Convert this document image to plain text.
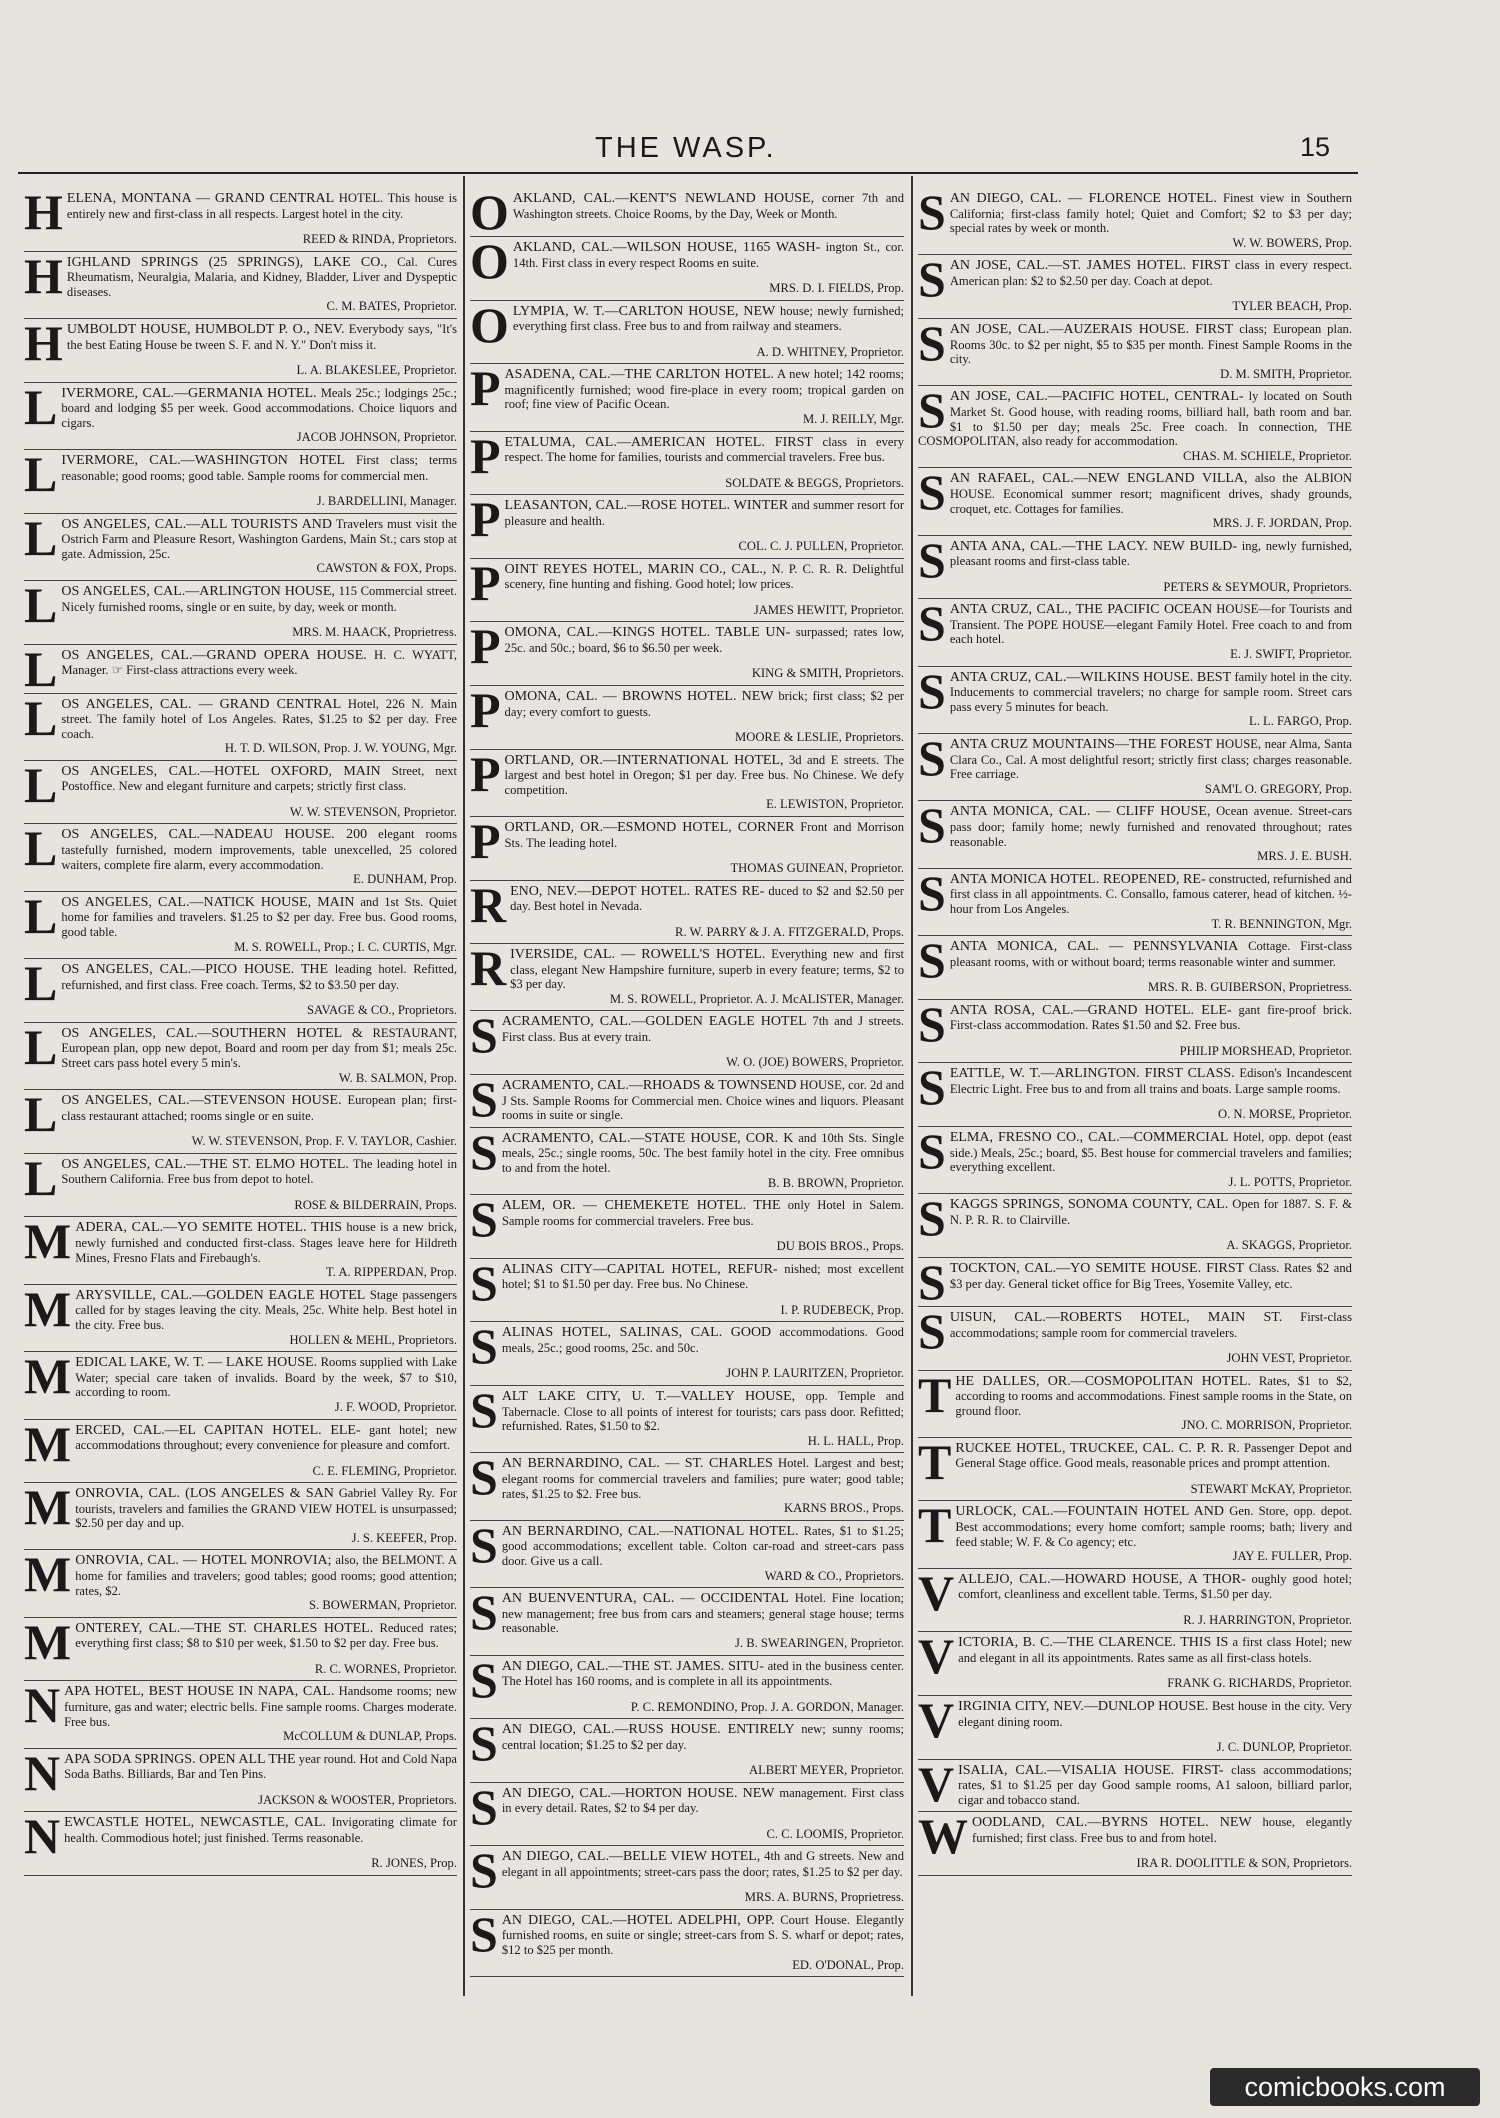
THE WASP.	15
HELENA, MONTANA — GRAND CENTRAL HOTEL. This house is entirely new and first-class in all respects. Largest hotel in the city.
REED & RINDA, Proprietors.
HIGHLAND SPRINGS (25 SPRINGS), LAKE CO., Cal. Cures Rheumatism, Neuralgia, Malaria, and Kidney, Bladder, Liver and Dyspeptic diseases.
C. M. BATES, Proprietor.
HUMBOLDT HOUSE, HUMBOLDT P. O., NEV. Everybody says, "It's the best Eating House be tween S. F. and N. Y." Don't miss it.
L. A. BLAKESLEE, Proprietor.
LIVERMORE, CAL.—GERMANIA HOTEL. Meals 25c.; lodgings 25c.; board and lodging $5 per week. Good accommodations. Choice liquors and cigars.
JACOB JOHNSON, Proprietor.
LIVERMORE, CAL.—WASHINGTON HOTEL First class; terms reasonable; good rooms; good table. Sample rooms for commercial men.
J. BARDELLINI, Manager.
LOS ANGELES, CAL.—ALL TOURISTS AND Travelers must visit the Ostrich Farm and Pleasure Resort, Washington Gardens, Main St.; cars stop at gate. Admission, 25c.
CAWSTON & FOX, Props.
LOS ANGELES, CAL.—ARLINGTON HOUSE, 115 Commercial street. Nicely furnished rooms, single or en suite, by day, week or month.
MRS. M. HAACK, Proprietress.
LOS ANGELES, CAL.—GRAND OPERA HOUSE. H. C. WYATT, Manager. ☞ First-class attractions every week.
LOS ANGELES, CAL. — GRAND CENTRAL Hotel, 226 N. Main street. The family hotel of Los Angeles. Rates, $1.25 to $2 per day. Free coach.
H. T. D. WILSON, Prop. J. W. YOUNG, Mgr.
LOS ANGELES, CAL.—HOTEL OXFORD, MAIN Street, next Postoffice. New and elegant furniture and carpets; strictly first class.
W. W. STEVENSON, Proprietor.
LOS ANGELES, CAL.—NADEAU HOUSE. 200 elegant rooms tastefully furnished, modern improvements, table unexcelled, 25 colored waiters, complete fire alarm, every accommodation.
E. DUNHAM, Prop.
LOS ANGELES, CAL.—NATICK HOUSE, MAIN and 1st Sts. Quiet home for families and travelers. $1.25 to $2 per day. Free bus. Good rooms, good table.
M. S. ROWELL, Prop.; I. C. CURTIS, Mgr.
LOS ANGELES, CAL.—PICO HOUSE. THE leading hotel. Refitted, refurnished, and first class. Free coach. Terms, $2 to $3.50 per day.
SAVAGE & CO., Proprietors.
LOS ANGELES, CAL.—SOUTHERN HOTEL & RESTAURANT, European plan, opp new depot, Board and room per day from $1; meals 25c. Street cars pass hotel every 5 min's.
W. B. SALMON, Prop.
LOS ANGELES, CAL.—STEVENSON HOUSE. European plan; first-class restaurant attached; rooms single or en suite.
W. W. STEVENSON, Prop. F. V. TAYLOR, Cashier.
LOS ANGELES, CAL.—THE ST. ELMO HOTEL. The leading hotel in Southern California. Free bus from depot to hotel.
ROSE & BILDERRAIN, Props.
MADERA, CAL.—YO SEMITE HOTEL. THIS house is a new brick, newly furnished and conducted first-class. Stages leave here for Hildreth Mines, Fresno Flats and Firebaugh's.
T. A. RIPPERDAN, Prop.
MARYSVILLE, CAL.—GOLDEN EAGLE HOTEL Stage passengers called for by stages leaving the city. Meals, 25c. White help. Best hotel in the city. Free bus.
HOLLEN & MEHL, Proprietors.
MEDICAL LAKE, W. T. — LAKE HOUSE. Rooms supplied with Lake Water; special care taken of invalids. Board by the week, $7 to $10, according to room.
J. F. WOOD, Proprietor.
MERCED, CAL.—EL CAPITAN HOTEL. ELE- gant hotel; new accommodations throughout; every convenience for pleasure and comfort.
C. E. FLEMING, Proprietor.
MONROVIA, CAL. (LOS ANGELES & SAN Gabriel Valley Ry. For tourists, travelers and families the GRAND VIEW HOTEL is unsurpassed; $2.50 per day and up.
J. S. KEEFER, Prop.
MONROVIA, CAL. — HOTEL MONROVIA; also, the BELMONT. A home for families and travelers; good tables; good rooms; good attention; rates, $2.
S. BOWERMAN, Proprietor.
MONTEREY, CAL.—THE ST. CHARLES HOTEL. Reduced rates; everything first class; $8 to $10 per week, $1.50 to $2 per day. Free bus.
R. C. WORNES, Proprietor.
NAPA HOTEL, BEST HOUSE IN NAPA, CAL. Handsome rooms; new furniture, gas and water; electric bells. Fine sample rooms. Charges moderate. Free bus.
McCOLLUM & DUNLAP, Props.
NAPA SODA SPRINGS. OPEN ALL THE year round. Hot and Cold Napa Soda Baths. Billiards, Bar and Ten Pins.
JACKSON & WOOSTER, Proprietors.
NEWCASTLE HOTEL, NEWCASTLE, CAL. Invigorating climate for health. Commodious hotel; just finished. Terms reasonable.
R. JONES, Prop.
OAKLAND, CAL.—KENT'S NEWLAND HOUSE, corner 7th and Washington streets. Choice Rooms, by the Day, Week or Month.
OAKLAND, CAL.—WILSON HOUSE, 1165 WASH- ington St., cor. 14th. First class in every respect Rooms en suite.
MRS. D. I. FIELDS, Prop.
OLYMPIA, W. T.—CARLTON HOUSE, NEW house; newly furnished; everything first class. Free bus to and from railway and steamers.
A. D. WHITNEY, Proprietor.
PASADENA, CAL.—THE CARLTON HOTEL. A new hotel; 142 rooms; magnificently furnished; wood fire-place in every room; tropical garden on roof; fine view of Pacific Ocean.
M. J. REILLY, Mgr.
PETALUMA, CAL.—AMERICAN HOTEL. FIRST class in every respect. The home for families, tourists and commercial travelers. Free bus.
SOLDATE & BEGGS, Proprietors.
PLEASANTON, CAL.—ROSE HOTEL. WINTER and summer resort for pleasure and health.
COL. C. J. PULLEN, Proprietor.
POINT REYES HOTEL, MARIN CO., CAL., N. P. C. R. R. Delightful scenery, fine hunting and fishing. Good hotel; low prices.
JAMES HEWITT, Proprietor.
POMONA, CAL.—KINGS HOTEL. TABLE UN- surpassed; rates low, 25c. and 50c.; board, $6 to $6.50 per week.
KING & SMITH, Proprietors.
POMONA, CAL. — BROWNS HOTEL. NEW brick; first class; $2 per day; every comfort to guests.
MOORE & LESLIE, Proprietors.
PORTLAND, OR.—INTERNATIONAL HOTEL, 3d and E streets. The largest and best hotel in Oregon; $1 per day. Free bus. No Chinese. We defy competition.
E. LEWISTON, Proprietor.
PORTLAND, OR.—ESMOND HOTEL, CORNER Front and Morrison Sts. The leading hotel.
THOMAS GUINEAN, Proprietor.
RENO, NEV.—DEPOT HOTEL. RATES RE- duced to $2 and $2.50 per day. Best hotel in Nevada.
R. W. PARRY & J. A. FITZGERALD, Props.
RIVERSIDE, CAL. — ROWELL'S HOTEL. Everything new and first class, elegant New Hampshire furniture, superb in every feature; terms, $2 to $3 per day.
M. S. ROWELL, Proprietor. A. J. McALISTER, Manager.
SACRAMENTO, CAL.—GOLDEN EAGLE HOTEL 7th and J streets. First class. Bus at every train.
W. O. (JOE) BOWERS, Proprietor.
SACRAMENTO, CAL.—RHOADS & TOWNSEND HOUSE, cor. 2d and J Sts. Sample Rooms for Commercial men. Choice wines and liquors. Pleasant rooms in suite or single.
SACRAMENTO, CAL.—STATE HOUSE, COR. K and 10th Sts. Single meals, 25c.; single rooms, 50c. The best family hotel in the city. Free omnibus to and from the hotel.
B. B. BROWN, Proprietor.
SALEM, OR. — CHEMEKETE HOTEL. THE only Hotel in Salem. Sample rooms for commercial travelers. Free bus.
DU BOIS BROS., Props.
SALINAS CITY—CAPITAL HOTEL, REFUR- nished; most excellent hotel; $1 to $1.50 per day. Free bus. No Chinese.
I. P. RUDEBECK, Prop.
SALINAS HOTEL, SALINAS, CAL. GOOD accommodations. Good meals, 25c.; good rooms, 25c. and 50c.
JOHN P. LAURITZEN, Proprietor.
SALT LAKE CITY, U. T.—VALLEY HOUSE, opp. Temple and Tabernacle. Close to all points of interest for tourists; cars pass door. Refitted; refurnished. Rates, $1.50 to $2.
H. L. HALL, Prop.
SAN BERNARDINO, CAL. — ST. CHARLES Hotel. Largest and best; elegant rooms for commercial travelers and families; pure water; good table; rates, $1.25 to $2. Free bus.
KARNS BROS., Props.
SAN BERNARDINO, CAL.—NATIONAL HOTEL. Rates, $1 to $1.25; good accommodations; excellent table. Colton car-road and street-cars pass door. Give us a call.
WARD & CO., Proprietors.
SAN BUENVENTURA, CAL. — OCCIDENTAL Hotel. Fine location; new management; free bus from cars and steamers; general stage house; terms reasonable.
J. B. SWEARINGEN, Proprietor.
SAN DIEGO, CAL.—THE ST. JAMES. SITU- ated in the business center. The Hotel has 160 rooms, and is complete in all its appointments.
P. C. REMONDINO, Prop. J. A. GORDON, Manager.
SAN DIEGO, CAL.—RUSS HOUSE. ENTIRELY new; sunny rooms; central location; $1.25 to $2 per day.
ALBERT MEYER, Proprietor.
SAN DIEGO, CAL.—HORTON HOUSE. NEW management. First class in every detail. Rates, $2 to $4 per day.
C. C. LOOMIS, Proprietor.
SAN DIEGO, CAL.—BELLE VIEW HOTEL, 4th and G streets. New and elegant in all appointments; street-cars pass the door; rates, $1.25 to $2 per day.
MRS. A. BURNS, Proprietress.
SAN DIEGO, CAL.—HOTEL ADELPHI, OPP. Court House. Elegantly furnished rooms, en suite or single; street-cars from S. S. wharf or depot; rates, $12 to $25 per month.
ED. O'DONAL, Prop.
SAN DIEGO, CAL. — FLORENCE HOTEL. Finest view in Southern California; first-class family hotel; Quiet and Comfort; $2 to $3 per day; special rates by week or month.
W. W. BOWERS, Prop.
SAN JOSE, CAL.—ST. JAMES HOTEL. FIRST class in every respect. American plan: $2 to $2.50 per day. Coach at depot.
TYLER BEACH, Prop.
SAN JOSE, CAL.—AUZERAIS HOUSE. FIRST class; European plan. Rooms 30c. to $2 per night, $5 to $35 per month. Finest Sample Rooms in the city.
D. M. SMITH, Proprietor.
SAN JOSE, CAL.—PACIFIC HOTEL, CENTRAL- ly located on South Market St. Good house, with reading rooms, billiard hall, bath room and bar. $1 to $1.50 per day; meals 25c. Free coach. In connection, THE COSMOPOLITAN, also ready for accommodation.
CHAS. M. SCHIELE, Proprietor.
SAN RAFAEL, CAL.—NEW ENGLAND VILLA, also the ALBION HOUSE. Economical summer resort; magnificent drives, shady grounds, croquet, etc. Cottages for families.
MRS. J. F. JORDAN, Prop.
SANTA ANA, CAL.—THE LACY. NEW BUILD- ing, newly furnished, pleasant rooms and first-class table.
PETERS & SEYMOUR, Proprietors.
SANTA CRUZ, CAL., THE PACIFIC OCEAN HOUSE—for Tourists and Transient. The POPE HOUSE—elegant Family Hotel. Free coach to and from each hotel.
E. J. SWIFT, Proprietor.
SANTA CRUZ, CAL.—WILKINS HOUSE. BEST family hotel in the city. Inducements to commercial travelers; no charge for sample room. Street cars pass every 5 minutes for beach.
L. L. FARGO, Prop.
SANTA CRUZ MOUNTAINS—THE FOREST HOUSE, near Alma, Santa Clara Co., Cal. A most delightful resort; strictly first class; charges reasonable. Free carriage.
SAM'L O. GREGORY, Prop.
SANTA MONICA, CAL. — CLIFF HOUSE, Ocean avenue. Street-cars pass door; family home; newly furnished and renovated throughout; rates reasonable.
MRS. J. E. BUSH.
SANTA MONICA HOTEL. REOPENED, RE- constructed, refurnished and first class in all appointments. C. Consallo, famous caterer, head of kitchen. ½-hour from Los Angeles.
T. R. BENNINGTON, Mgr.
SANTA MONICA, CAL. — PENNSYLVANIA Cottage. First-class pleasant rooms, with or without board; terms reasonable winter and summer.
MRS. R. B. GUIBERSON, Proprietress.
SANTA ROSA, CAL.—GRAND HOTEL. ELE- gant fire-proof brick. First-class accommodation. Rates $1.50 and $2. Free bus.
PHILIP MORSHEAD, Proprietor.
SEATTLE, W. T.—ARLINGTON. FIRST CLASS. Edison's Incandescent Electric Light. Free bus to and from all trains and boats. Large sample rooms.
O. N. MORSE, Proprietor.
SELMA, FRESNO CO., CAL.—COMMERCIAL Hotel, opp. depot (east side.) Meals, 25c.; board, $5. Best house for commercial travelers and families; everything excellent.
J. L. POTTS, Proprietor.
SKAGGS SPRINGS, SONOMA COUNTY, CAL. Open for 1887. S. F. & N. P. R. R. to Clairville.
A. SKAGGS, Proprietor.
STOCKTON, CAL.—YO SEMITE HOUSE. FIRST Class. Rates $2 and $3 per day. General ticket office for Big Trees, Yosemite Valley, etc.
SUISUN, CAL.—ROBERTS HOTEL, MAIN ST. First-class accommodations; sample room for commercial travelers.
JOHN VEST, Proprietor.
THE DALLES, OR.—COSMOPOLITAN HOTEL. Rates, $1 to $2, according to rooms and accommodations. Finest sample rooms in the State, on ground floor.
JNO. C. MORRISON, Proprietor.
TRUCKEE HOTEL, TRUCKEE, CAL. C. P. R. R. Passenger Depot and General Stage office. Good meals, reasonable prices and prompt attention.
STEWART McKAY, Proprietor.
TURLOCK, CAL.—FOUNTAIN HOTEL AND Gen. Store, opp. depot. Best accommodations; every home comfort; sample rooms; bath; livery and feed stable; W. F. & Co agency; etc.
JAY E. FULLER, Prop.
VALLEJO, CAL.—HOWARD HOUSE, A THOR- oughly good hotel; comfort, cleanliness and excellent table. Terms, $1.50 per day.
R. J. HARRINGTON, Proprietor.
VICTORIA, B. C.—THE CLARENCE. THIS IS a first class Hotel; new and elegant in all its appointments. Rates same as all first-class hotels.
FRANK G. RICHARDS, Proprietor.
VIRGINIA CITY, NEV.—DUNLOP HOUSE. Best house in the city. Very elegant dining room.
J. C. DUNLOP, Proprietor.
VISALIA, CAL.—VISALIA HOUSE. FIRST- class accommodations; rates, $1 to $1.25 per day Good sample rooms, A1 saloon, billiard parlor, cigar and tobacco stand.
WOODLAND, CAL.—BYRNS HOTEL. NEW house, elegantly furnished; first class. Free bus to and from hotel.
IRA R. DOOLITTLE & SON, Proprietors.
comicbooks.com
